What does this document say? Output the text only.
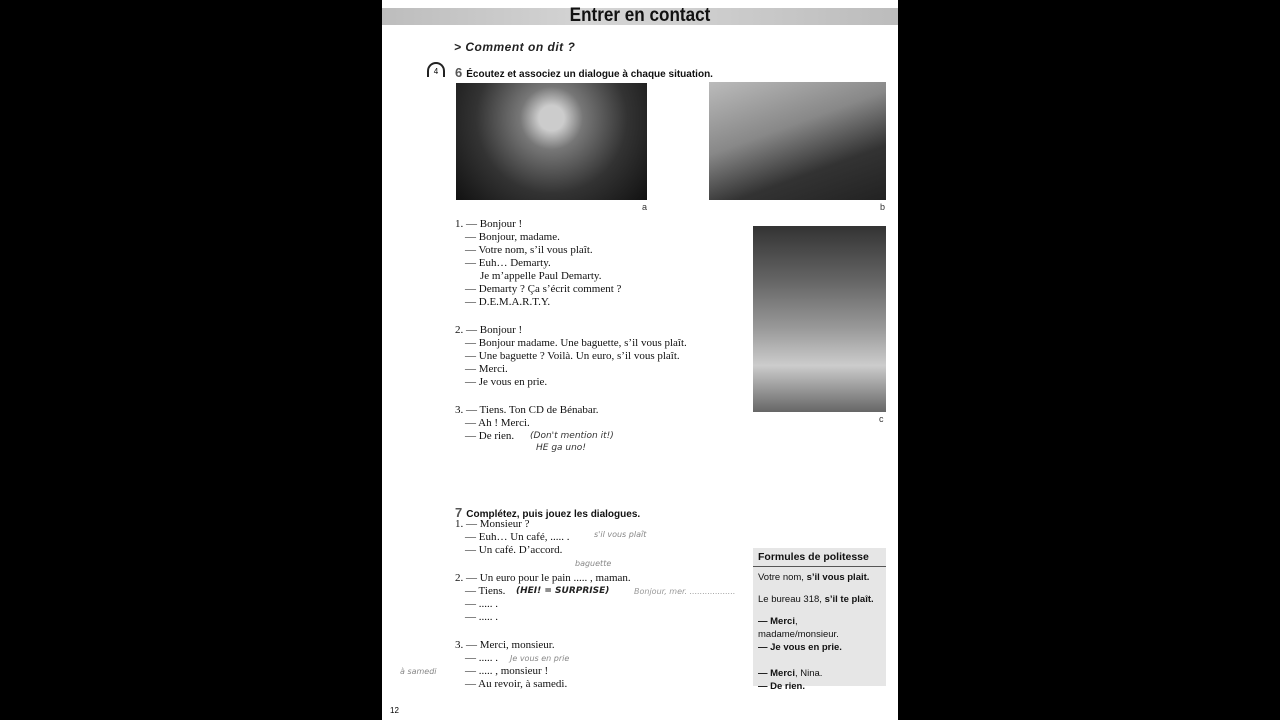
Entrer en contact
> Comment on dit ?
4	6 Écoutez et associez un dialogue à chaque situation.
a	b
c
1. — Bonjour !
— Bonjour, madame.
— Votre nom, s’il vous plaît.
— Euh… Demarty.
Je m’appelle Paul Demarty.
— Demarty ? Ça s’écrit comment ?
— D.E.M.A.R.T.Y.
2. — Bonjour !
— Bonjour madame. Une baguette, s’il vous plaît.
— Une baguette ? Voilà. Un euro, s’il vous plaît.
— Merci.
— Je vous en prie.
3. — Tiens. Ton CD de Bénabar.
— Ah ! Merci.
— De rien.	(Don't mention it!)
HE ga uno!
7 Complétez, puis jouez les dialogues.
1. — Monsieur ?
— Euh… Un café, ..... .
— Un café. D’accord.
2. — Un euro pour le pain ..... , maman.
— Tiens.
— ..... .
— ..... .
3. — Merci, monsieur.
— ..... .
— ..... , monsieur !
— Au revoir, à samedi.
s'il vous plaît
baguette
(HEI! = SURPRISE)	Bonjour, mer. ..................
Je vous en prie
à samedi
Formules de politesse
Votre nom, s’il vous plait.
Le bureau 318, s’il te plaît.
— Merci, madame/monsieur.
— Je vous en prie.
— Merci, Nina.
— De rien.
12
